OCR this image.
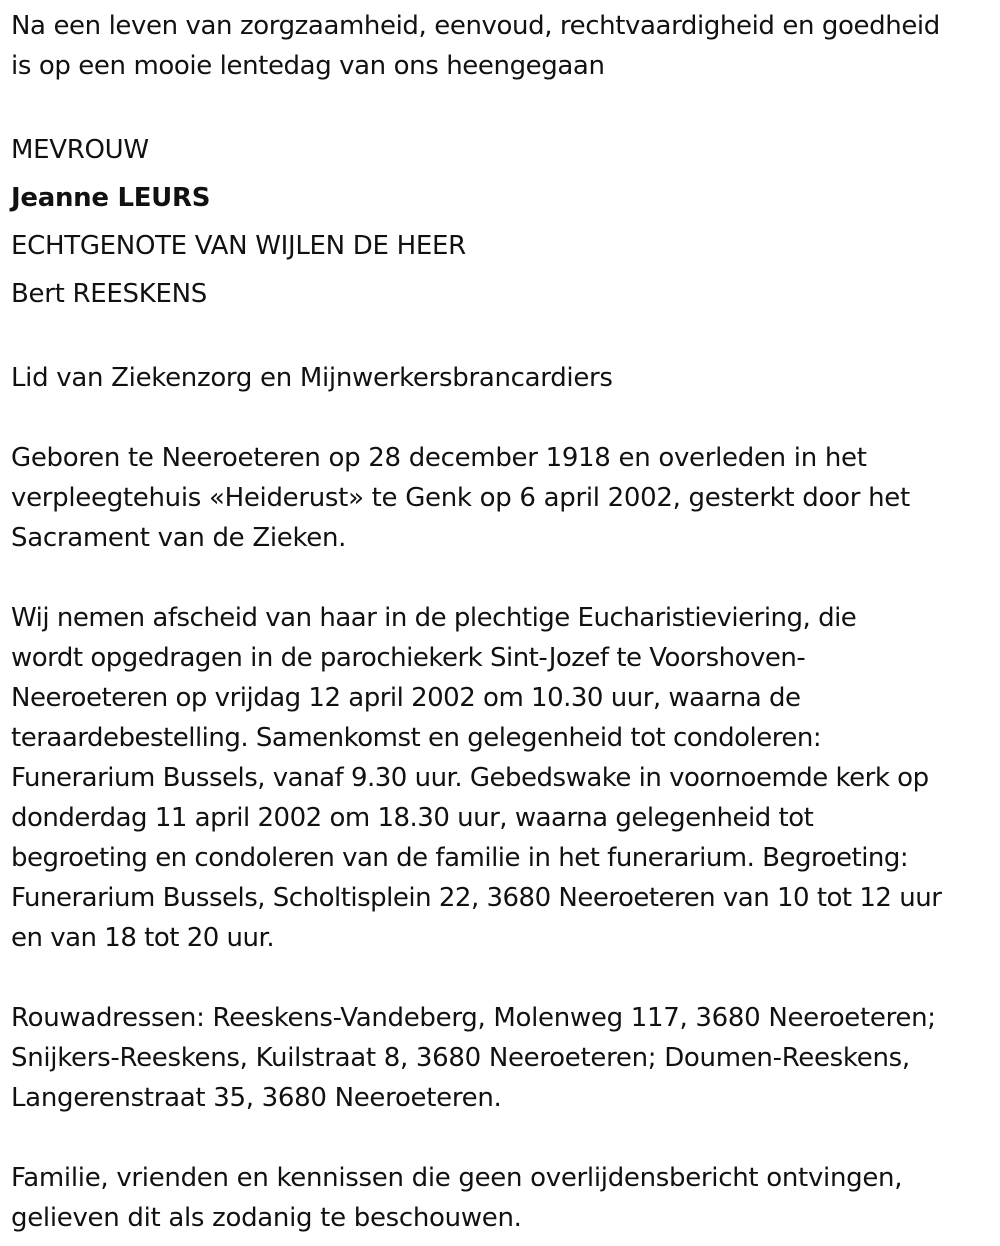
Na een leven van zorgzaamheid, eenvoud, rechtvaardigheid en goedheid
is op een mooie lentedag van ons heengegaan

MEVROUW
Jeanne LEURS
ECHTGENOTE VAN WIJLEN DE HEER
Bert REESKENS

Lid van Ziekenzorg en Mijnwerkersbrancardiers

Geboren te Neeroeteren op 28 december 1918 en overleden in het
verpleegtehuis «Heiderust» te Genk op 6 april 2002, gesterkt door het
Sacrament van de Zieken.

Wij nemen afscheid van haar in de plechtige Eucharistieviering, die
wordt opgedragen in de parochiekerk Sint-Jozef te Voorshoven-
Neeroeteren op vrijdag 12 april 2002 om 10.30 uur, waarna de
teraardebestelling. Samenkomst en gelegenheid tot condoleren:
Funerarium Bussels, vanaf 9.30 uur. Gebedswake in voornoemde kerk op
donderdag 11 april 2002 om 18.30 uur, waarna gelegenheid tot
begroeting en condoleren van de familie in het funerarium. Begroeting:
Funerarium Bussels, Scholtisplein 22, 3680 Neeroeteren van 10 tot 12 uur
en van 18 tot 20 uur.

Rouwadressen: Reeskens-Vandeberg, Molenweg 117, 3680 Neeroeteren;
Snijkers-Reeskens, Kuilstraat 8, 3680 Neeroeteren; Doumen-Reeskens,
Langerenstraat 35, 3680 Neeroeteren.

Familie, vrienden en kennissen die geen overlijdensbericht ontvingen,
gelieven dit als zodanig te beschouwen.
